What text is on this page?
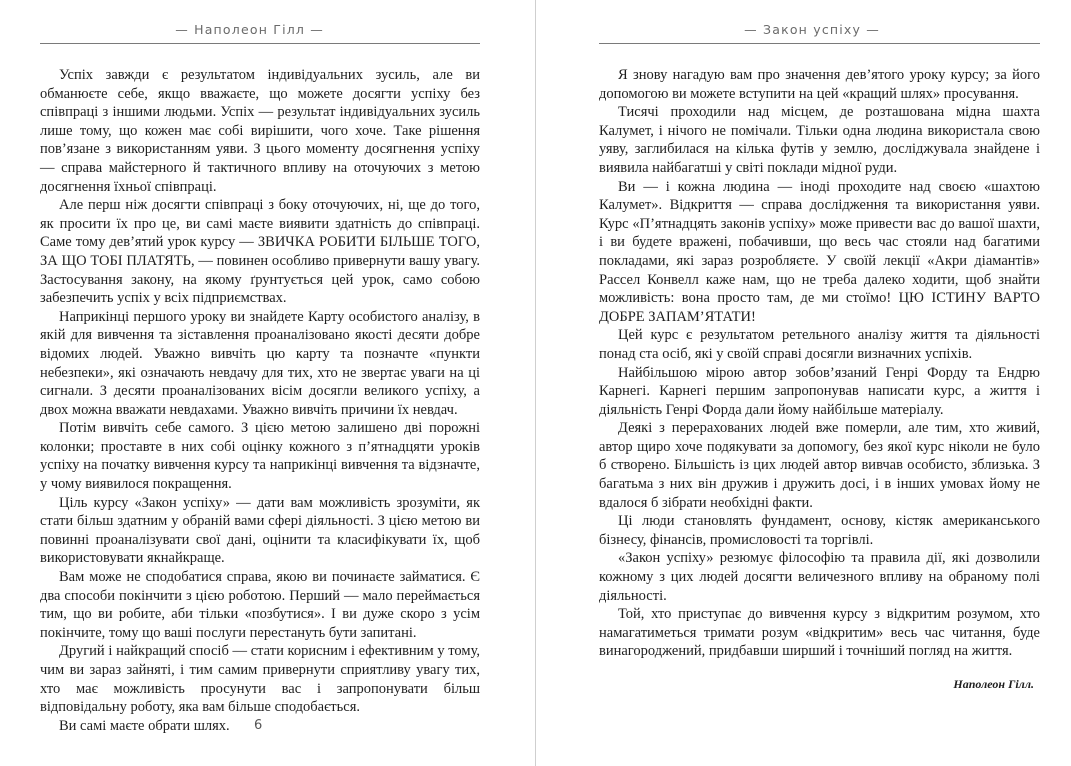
— Наполеон Гілл —

Успіх завжди є результатом індивідуальних зусиль, але ви обманюєте себе, якщо вважаєте, що можете досягти успіху без співпраці з іншими людьми. Успіх — результат індивідуальних зусиль лише тому, що кожен має собі вирішити, чого хоче. Таке рішення пов’язане з використанням уяви. З цього моменту досягнення успіху — справа майстерного й тактичного впливу на оточуючих з метою досягнення їхньої співпраці.

Але перш ніж досягти співпраці з боку оточуючих, ні, ще до того, як просити їх про це, ви самі маєте виявити здатність до співпраці. Саме тому дев’ятий урок курсу — ЗВИЧКА РОБИТИ БІЛЬШЕ ТОГО, ЗА ЩО ТОБІ ПЛАТЯТЬ, — повинен особливо привернути вашу увагу. Застосування закону, на якому ґрунтується цей урок, само собою забезпечить успіх у всіх підприємствах.

Наприкінці першого уроку ви знайдете Карту особистого аналізу, в якій для вивчення та зіставлення проаналізовано якості десяти добре відомих людей. Уважно вивчіть цю карту та позначте «пункти небезпеки», які означають невдачу для тих, хто не звертає уваги на ці сигнали. З десяти проаналізованих вісім досягли великого успіху, а двох можна вважати невдахами. Уважно вивчіть причини їх невдач.

Потім вивчіть себе самого. З цією метою залишено дві порожні колонки; проставте в них собі оцінку кожного з п’ятнадцяти уроків успіху на початку вивчення курсу та наприкінці вивчення та відзначте, у чому виявилося покращення.

Ціль курсу «Закон успіху» — дати вам можливість зрозуміти, як стати більш здатним у обраній вами сфері діяльності. З цією метою ви повинні проаналізувати свої дані, оцінити та класифікувати їх, щоб використовувати якнайкраще.

Вам може не сподобатися справа, якою ви починаєте займатися. Є два способи покінчити з цією роботою. Перший — мало переймається тим, що ви робите, аби тільки «позбутися». І ви дуже скоро з усім покінчите, тому що ваші послуги перестануть бути запитані.

Другий і найкращий спосіб — стати корисним і ефективним у тому, чим ви зараз зайняті, і тим самим привернути сприятливу увагу тих, хто має можливість просунути вас і запропонувати більш відповідальну роботу, яка вам більше сподобається.

Ви самі маєте обрати шлях.	6
— Закон успіху —

Я знову нагадую вам про значення дев’ятого уроку курсу; за його допомогою ви можете вступити на цей «кращий шлях» просування.

Тисячі проходили над місцем, де розташована мідна шахта Калумет, і нічого не помічали. Тільки одна людина використала свою уяву, заглибилася на кілька футів у землю, досліджувала знайдене і виявила найбагатші у світі поклади мідної руди.

Ви — і кожна людина — іноді проходите над своєю «шахтою Калумет». Відкриття — справа дослідження та використання уяви. Курс «П’ятнадцять законів успіху» може привести вас до вашої шахти, і ви будете вражені, побачивши, що весь час стояли над багатими покладами, які зараз розробляєте. У своїй лекції «Акри діамантів» Рассел Конвелл каже нам, що не треба далеко ходити, щоб знайти можливість: вона просто там, де ми стоїмо! ЦЮ ІСТИНУ ВАРТО ДОБРЕ ЗАПАМ’ЯТАТИ!

Цей курс є результатом ретельного аналізу життя та діяльності понад ста осіб, які у своїй справі досягли визначних успіхів.

Найбільшою мірою автор зобов’язаний Генрі Форду та Ендрю Карнегі. Карнегі першим запропонував написати курс, а життя і діяльність Генрі Форда дали йому найбільше матеріалу.

Деякі з перерахованих людей вже померли, але тим, хто живий, автор щиро хоче подякувати за допомогу, без якої курс ніколи не було б створено. Більшість із цих людей автор вивчав особисто, зблизька. З багатьма з них він дружив і дружить досі, і в інших умовах йому не вдалося б зібрати необхідні факти.

Ці люди становлять фундамент, основу, кістяк американського бізнесу, фінансів, промисловості та торгівлі.

«Закон успіху» резюмує філософію та правила дії, які дозволили кожному з цих людей досягти величезного впливу на обраному полі діяльності.

Той, хто приступає до вивчення курсу з відкритим розумом, хто намагатиметься тримати розум «відкритим» весь час читання, буде винагороджений, придбавши ширший і точніший погляд на життя.

Наполеон Гілл.
